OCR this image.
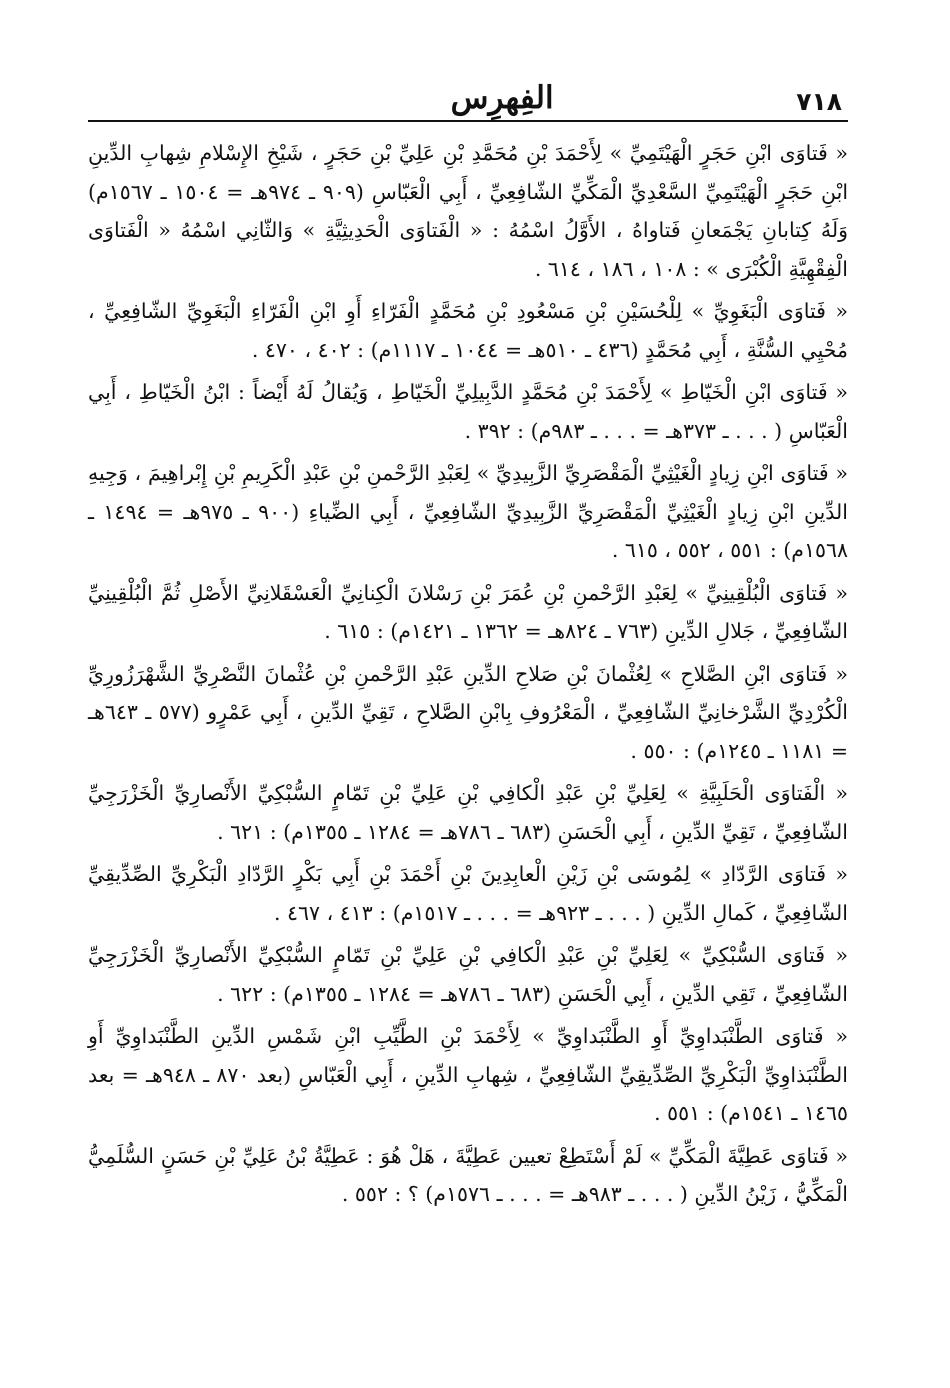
٧١٨
الفِهرِس

« فَتاوَى ابْنِ حَجَرٍ الْهَيْتَمِيِّ » لِأَحْمَدَ بْنِ مُحَمَّدِ بْنِ عَلِيِّ بْنِ حَجَرٍ ، شَيْخِ الإِسْلامِ شِهابِ الدِّينِ ابْنِ حَجَرٍ الْهَيْتَمِيِّ السَّعْدِيِّ الْمَكِّيِّ الشّافِعِيِّ ، أَبِي الْعَبّاسِ (٩٠٩ ـ ٩٧٤هـ = ١٥٠٤ ـ ١٥٦٧م) وَلَهُ كِتابانِ يَجْمَعانِ فَتاواهُ ، الأَوَّلُ اسْمُهُ : « الْفَتاوَى الْحَدِيثِيَّةِ » وَالثّانِي اسْمُهُ « الْفَتاوَى الْفِقْهِيَّةِ الْكُبْرَى » : ١٠٨ ، ١٨٦ ، ٦١٤ .

« فَتاوَى الْبَغَوِيِّ » لِلْحُسَيْنِ بْنِ مَسْعُودِ بْنِ مُحَمَّدٍ الْفَرّاءِ أَوِ ابْنِ الْفَرّاءِ الْبَغَوِيِّ الشّافِعِيِّ ، مُحْيِي السُّنَّةِ ، أَبِي مُحَمَّدٍ (٤٣٦ ـ ٥١٠هـ = ١٠٤٤ ـ ١١١٧م) : ٤٠٢ ، ٤٧٠ .

« فَتاوَى ابْنِ الْخَيّاطِ » لِأَحْمَدَ بْنِ مُحَمَّدٍ الدَّبِيلِيِّ الْخَيّاطِ ، وَيُقالُ لَهُ أَيْضاً : ابْنُ الْخَيّاطِ ، أَبِي الْعَبّاسِ ( . . . ـ ٣٧٣هـ = . . . ـ ٩٨٣م) : ٣٩٢ .

« فَتاوَى ابْنِ زِيادٍ الْغَيْثِيِّ الْمَقْصَرِيِّ الزَّبِيدِيِّ » لِعَبْدِ الرَّحْمنِ بْنِ عَبْدِ الْكَرِيمِ بْنِ إِبْراهِيمَ ، وَجِيهِ الدِّينِ ابْنِ زِيادٍ الْغَيْثِيِّ الْمَقْصَرِيِّ الزَّبِيدِيِّ الشّافِعِيِّ ، أَبِي الضِّياءِ (٩٠٠ ـ ٩٧٥هـ = ١٤٩٤ ـ ١٥٦٨م) : ٥٥١ ، ٥٥٢ ، ٦١٥ .

« فَتاوَى الْبُلْقِينِيِّ » لِعَبْدِ الرَّحْمنِ بْنِ عُمَرَ بْنِ رَسْلانَ الْكِنانِيِّ الْعَسْقَلانِيِّ الأَصْلِ ثُمَّ الْبُلْقِينِيِّ الشّافِعِيِّ ، جَلالِ الدِّينِ (٧٦٣ ـ ٨٢٤هـ = ١٣٦٢ ـ ١٤٢١م) : ٦١٥ .

« فَتاوَى ابْنِ الصَّلاحِ » لِعُثْمانَ بْنِ صَلاحِ الدِّينِ عَبْدِ الرَّحْمنِ بْنِ عُثْمانَ النَّصْرِيِّ الشَّهْرَزُورِيِّ الْكُرْدِيِّ الشَّرْخانِيِّ الشّافِعِيِّ ، الْمَعْرُوفِ بِابْنِ الصَّلاحِ ، تَقِيِّ الدِّينِ ، أَبِي عَمْرٍو (٥٧٧ ـ ٦٤٣هـ = ١١٨١ ـ ١٢٤٥م) : ٥٥٠ .

« الْفَتاوَى الْحَلَبِيَّةِ » لِعَلِيِّ بْنِ عَبْدِ الْكافِي بْنِ عَلِيِّ بْنِ تَمّامٍ السُّبْكِيِّ الأَنْصارِيِّ الْخَزْرَجِيِّ الشّافِعِيِّ ، تَقِيِّ الدِّينِ ، أَبِي الْحَسَنِ (٦٨٣ ـ ٧٨٦هـ = ١٢٨٤ ـ ١٣٥٥م) : ٦٢١ .

« فَتاوَى الرَّدّادِ » لِمُوسَى بْنِ زَيْنِ الْعابِدِينَ بْنِ أَحْمَدَ بْنِ أَبِي بَكْرٍ الرَّدّادِ الْبَكْرِيِّ الصِّدِّيقِيِّ الشّافِعِيِّ ، كَمالِ الدِّينِ ( . . . ـ ٩٢٣هـ = . . . ـ ١٥١٧م) : ٤١٣ ، ٤٦٧ .

« فَتاوَى السُّبْكِيِّ » لِعَلِيِّ بْنِ عَبْدِ الْكافِي بْنِ عَلِيِّ بْنِ تَمّامٍ السُّبْكِيِّ الأَنْصارِيِّ الْخَزْرَجِيِّ الشّافِعِيِّ ، تَقِي الدِّينِ ، أَبِي الْحَسَنِ (٦٨٣ ـ ٧٨٦هـ = ١٢٨٤ ـ ١٣٥٥م) : ٦٢٢ .

« فَتاوَى الطَّنْبَداوِيِّ أَوِ الطَّنْبَداوِيِّ » لِأَحْمَدَ بْنِ الطَّيِّبِ ابْنِ شَمْسِ الدِّينِ الطَّنْبَداوِيِّ أَوِ الطَّنْبَذاوِيِّ الْبَكْرِيِّ الصِّدِّيقِيِّ الشّافِعِيِّ ، شِهابِ الدِّينِ ، أَبِي الْعَبّاسِ (بعد ٨٧٠ ـ ٩٤٨هـ = بعد ١٤٦٥ ـ ١٥٤١م) : ٥٥١ .

« فَتاوَى عَطِيَّةَ الْمَكِّيِّ » لَمْ أَسْتَطِعْ تعيين عَطِيَّةَ ، هَلْ هُوَ : عَطِيَّةُ بْنُ عَلِيِّ بْنِ حَسَنٍ السُّلَمِيُّ الْمَكِّيُّ ، زَيْنُ الدِّينِ ( . . . ـ ٩٨٣هـ = . . . ـ ١٥٧٦م) ؟ : ٥٥٢ .
